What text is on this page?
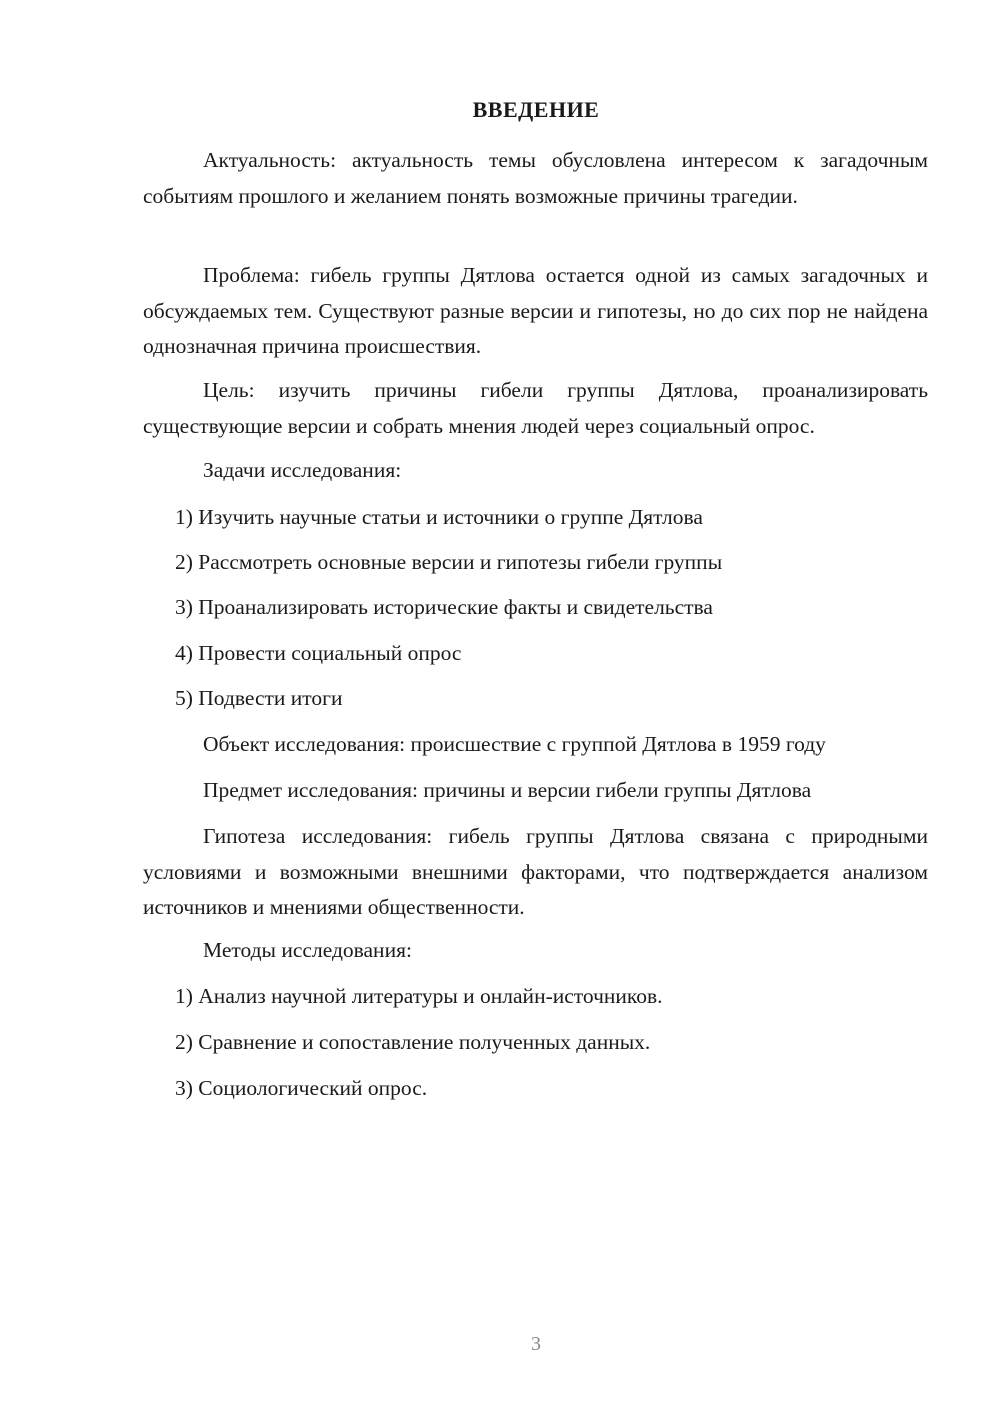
ВВЕДЕНИЕ

Актуальность: актуальность темы обусловлена интересом к загадочным событиям прошлого и желанием понять возможные причины трагедии.

Проблема: гибель группы Дятлова остается одной из самых загадочных и обсуждаемых тем. Существуют разные версии и гипотезы, но до сих пор не найдена однозначная причина происшествия.

Цель: изучить причины гибели группы Дятлова, проанализировать существующие версии и собрать мнения людей через социальный опрос.

Задачи исследования:
1) Изучить научные статьи и источники о группе Дятлова
2) Рассмотреть основные версии и гипотезы гибели группы
3) Проанализировать исторические факты и свидетельства
4) Провести социальный опрос
5) Подвести итоги
Объект исследования: происшествие с группой Дятлова в 1959 году
Предмет исследования: причины и версии гибели группы Дятлова

Гипотеза исследования: гибель группы Дятлова связана с природными условиями и возможными внешними факторами, что подтверждается анализом источников и мнениями общественности.

Методы исследования:
1) Анализ научной литературы и онлайн-источников.
2) Сравнение и сопоставление полученных данных.
3) Социологический опрос.
3
